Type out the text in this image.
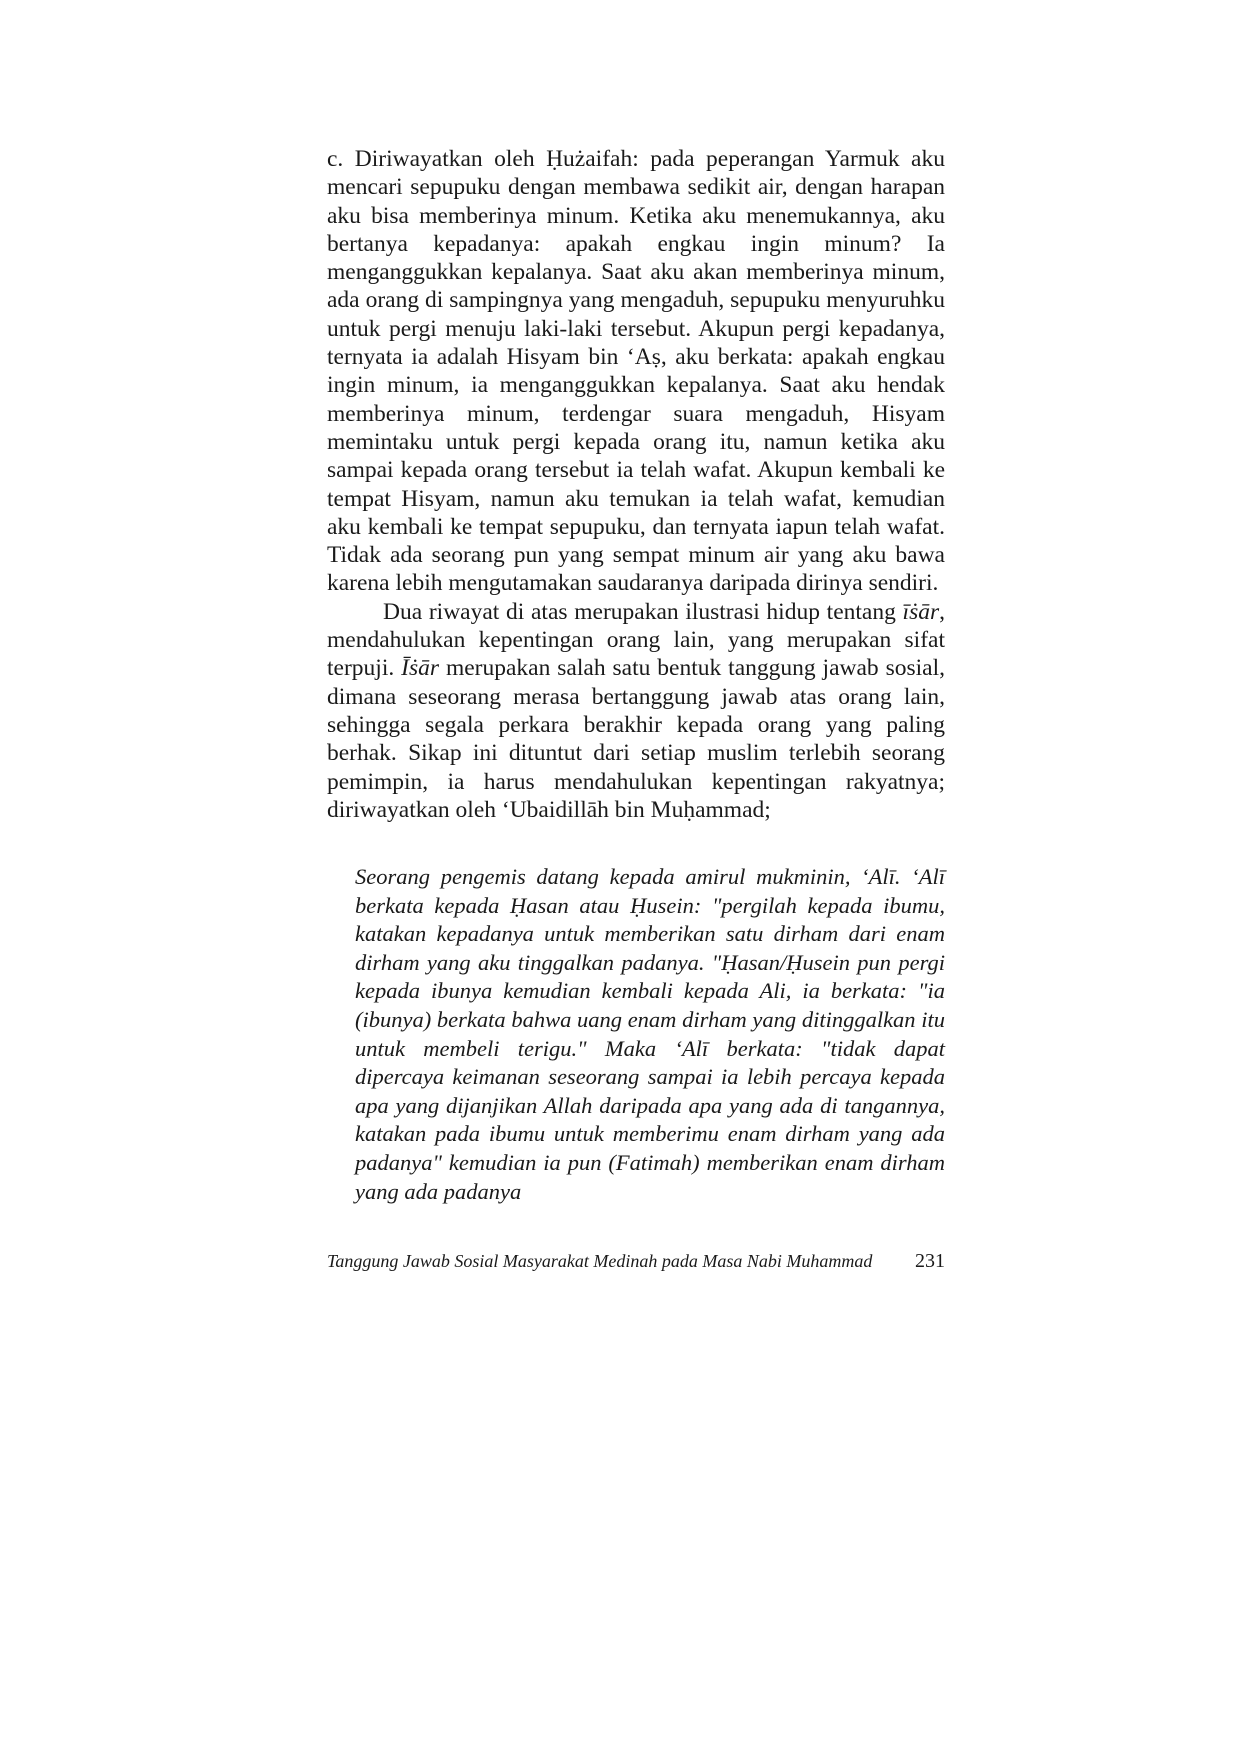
c. Diriwayatkan oleh Ḥużaifah: pada peperangan Yarmuk aku mencari sepupuku dengan membawa sedikit air, dengan harapan aku bisa memberinya minum. Ketika aku menemukannya, aku bertanya kepadanya: apakah engkau ingin minum? Ia menganggukkan kepalanya. Saat aku akan memberinya minum, ada orang di sampingnya yang mengaduh, sepupuku menyuruhku untuk pergi menuju laki-laki tersebut. Akupun pergi kepadanya, ternyata ia adalah Hisyam bin ‘Aṣ, aku berkata: apakah engkau ingin minum, ia menganggukkan kepalanya. Saat aku hendak memberinya minum, terdengar suara mengaduh, Hisyam memintaku untuk pergi kepada orang itu, namun ketika aku sampai kepada orang tersebut ia telah wafat. Akupun kembali ke tempat Hisyam, namun aku temukan ia telah wafat, kemudian aku kembali ke tempat sepupuku, dan ternyata iapun telah wafat. Tidak ada seorang pun yang sempat minum air yang aku bawa karena lebih mengutamakan saudaranya daripada dirinya sendiri.

Dua riwayat di atas merupakan ilustrasi hidup tentang īṡār, mendahulukan kepentingan orang lain, yang merupakan sifat terpuji. Īṡār merupakan salah satu bentuk tanggung jawab sosial, dimana seseorang merasa bertanggung jawab atas orang lain, sehingga segala perkara berakhir kepada orang yang paling berhak. Sikap ini dituntut dari setiap muslim terlebih seorang pemimpin, ia harus mendahulukan kepentingan rakyatnya; diriwayatkan oleh ‘Ubaidillāh bin Muḥammad;

Seorang pengemis datang kepada amirul mukminin, ‘Alī. ‘Alī berkata kepada Ḥasan atau Ḥusein: "pergilah kepada ibumu, katakan kepadanya untuk memberikan satu dirham dari enam dirham yang aku tinggalkan padanya. "Ḥasan/Ḥusein pun pergi kepada ibunya kemudian kembali kepada Ali, ia berkata: "ia (ibunya) berkata bahwa uang enam dirham yang ditinggalkan itu untuk membeli terigu." Maka ‘Alī berkata: "tidak dapat dipercaya keimanan seseorang sampai ia lebih percaya kepada apa yang dijanjikan Allah daripada apa yang ada di tangannya, katakan pada ibumu untuk memberimu enam dirham yang ada padanya" kemudian ia pun (Fatimah) memberikan enam dirham yang ada padanya

Tanggung Jawab Sosial Masyarakat Medinah pada Masa Nabi Muhammad 231
